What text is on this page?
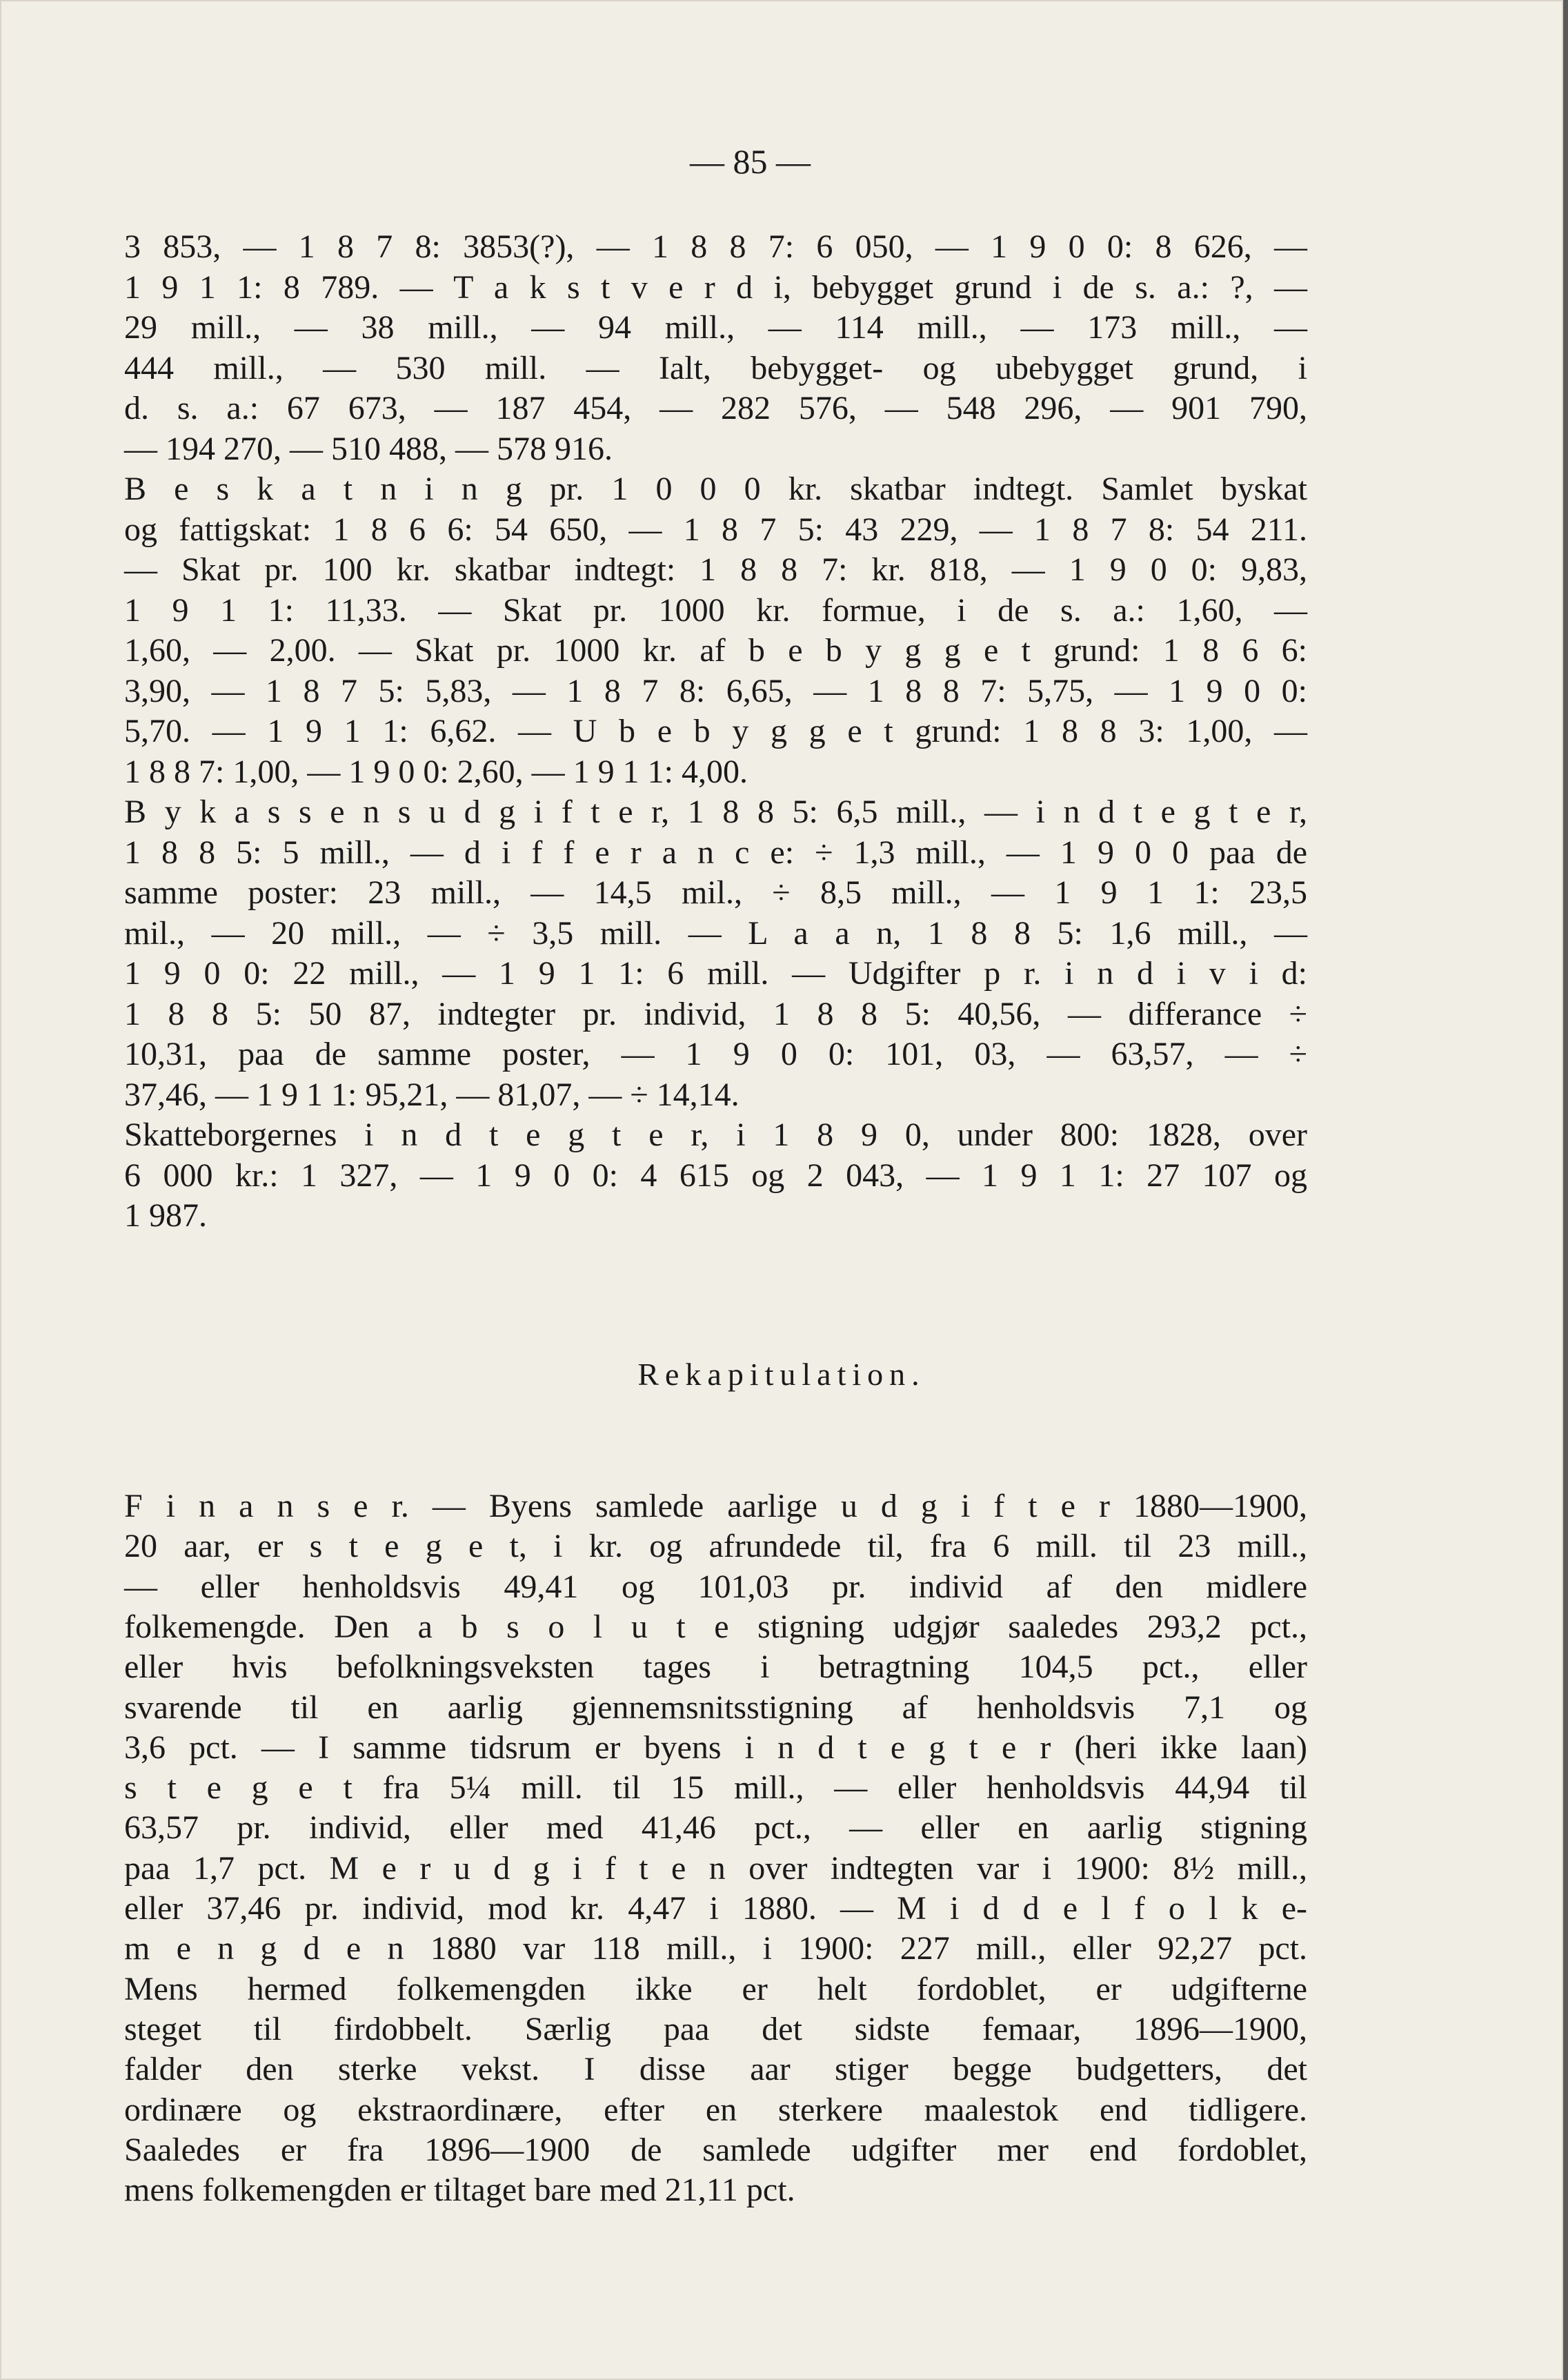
— 85 —
3 853, — 1 8 7 8: 3853(?), — 1 8 8 7: 6 050, — 1 9 0 0: 8 626, —
1 9 1 1: 8 789. — T a k s t v e r d i, bebygget grund i de s. a.: ?, —
29 mill., — 38 mill., — 94 mill., — 114 mill., — 173 mill., —
444 mill., — 530 mill. — Ialt, bebygget- og ubebygget grund, i
d. s. a.: 67 673, — 187 454, — 282 576, — 548 296, — 901 790,
— 194 270, — 510 488, — 578 916.
B e s k a t n i n g pr. 1 0 0 0 kr. skatbar indtegt. Samlet byskat
og fattigskat: 1 8 6 6: 54 650, — 1 8 7 5: 43 229, — 1 8 7 8: 54 211.
— Skat pr. 100 kr. skatbar indtegt: 1 8 8 7: kr. 818, — 1 9 0 0: 9,83,
1 9 1 1: 11,33. — Skat pr. 1000 kr. formue, i de s. a.: 1,60, —
1,60, — 2,00. — Skat pr. 1000 kr. af b e b y g g e t grund: 1 8 6 6:
3,90, — 1 8 7 5: 5,83, — 1 8 7 8: 6,65, — 1 8 8 7: 5,75, — 1 9 0 0:
5,70. — 1 9 1 1: 6,62. — U b e b y g g e t grund: 1 8 8 3: 1,00, —
1 8 8 7: 1,00, — 1 9 0 0: 2,60, — 1 9 1 1: 4,00.
B y k a s s e n s u d g i f t e r, 1 8 8 5: 6,5 mill., — i n d t e g t e r,
1 8 8 5: 5 mill., — d i f f e r a n c e: ÷ 1,3 mill., — 1 9 0 0 paa de
samme poster: 23 mill., — 14,5 mil., ÷ 8,5 mill., — 1 9 1 1: 23,5
mil., — 20 mill., — ÷ 3,5 mill. — L a a n, 1 8 8 5: 1,6 mill., —
1 9 0 0: 22 mill., — 1 9 1 1: 6 mill. — Udgifter p r. i n d i v i d:
1 8 8 5: 50 87, indtegter pr. individ, 1 8 8 5: 40,56, — differance ÷
10,31, paa de samme poster, — 1 9 0 0: 101, 03, — 63,57, — ÷
37,46, — 1 9 1 1: 95,21, — 81,07, — ÷ 14,14.
Skatteborgernes i n d t e g t e r, i 1 8 9 0, under 800: 1828, over
6 000 kr.: 1 327, — 1 9 0 0: 4 615 og 2 043, — 1 9 1 1: 27 107 og
1 987.
Rekapitulation.
F i n a n s e r. — Byens samlede aarlige u d g i f t e r 1880—1900,
20 aar, er s t e g e t, i kr. og afrundede til, fra 6 mill. til 23 mill.,
— eller henholdsvis 49,41 og 101,03 pr. individ af den midlere
folkemengde. Den a b s o l u t e stigning udgjør saaledes 293,2 pct.,
eller hvis befolkningsveksten tages i betragtning 104,5 pct., eller
svarende til en aarlig gjennemsnitsstigning af henholdsvis 7,1 og
3,6 pct. — I samme tidsrum er byens i n d t e g t e r (heri ikke laan)
s t e g e t fra 5¼ mill. til 15 mill., — eller henholdsvis 44,94 til
63,57 pr. individ, eller med 41,46 pct., — eller en aarlig stigning
paa 1,7 pct. M e r u d g i f t e n over indtegten var i 1900: 8½ mill.,
eller 37,46 pr. individ, mod kr. 4,47 i 1880. — M i d d e l f o l k e-
m e n g d e n 1880 var 118 mill., i 1900: 227 mill., eller 92,27 pct.
Mens hermed folkemengden ikke er helt fordoblet, er udgifterne
steget til firdobbelt. Særlig paa det sidste femaar, 1896—1900,
falder den sterke vekst. I disse aar stiger begge budgetters, det
ordinære og ekstraordinære, efter en sterkere maalestok end tidligere.
Saaledes er fra 1896—1900 de samlede udgifter mer end fordoblet,
mens folkemengden er tiltaget bare med 21,11 pct.
